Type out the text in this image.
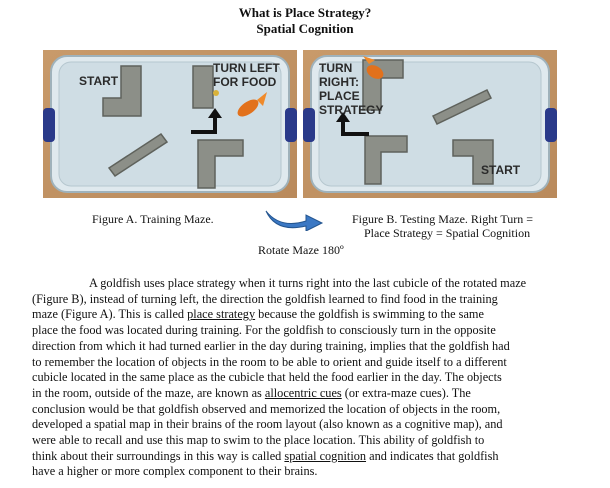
What is Place Strategy?
Spatial Cognition
START
TURN LEFT
FOR FOOD
TURN
RIGHT:
PLACE
STRATEGY
START
Figure A. Training Maze.	Figure B. Testing Maze. Right Turn =
Place Strategy = Spatial Cognition
Rotate Maze 180º

A goldfish uses place strategy when it turns right into the last cubicle of the rotated maze

(Figure B), instead of turning left, the direction the goldfish learned to find food in the training

maze (Figure A). This is called place strategy because the goldfish is swimming to the same

place the food was located during training. For the goldfish to consciously turn in the opposite

direction from which it had turned earlier in the day during training, implies that the goldfish had

to remember the location of objects in the room to be able to orient and guide itself to a different

cubicle located in the same place as the cubicle that held the food earlier in the day. The objects

in the room, outside of the maze, are known as allocentric cues (or extra-maze cues). The

conclusion would be that goldfish observed and memorized the location of objects in the room,

developed a spatial map in their brains of the room layout (also known as a cognitive map), and

were able to recall and use this map to swim to the place location. This ability of goldfish to

think about their surroundings in this way is called spatial cognition and indicates that goldfish

have a higher or more complex component to their brains.
